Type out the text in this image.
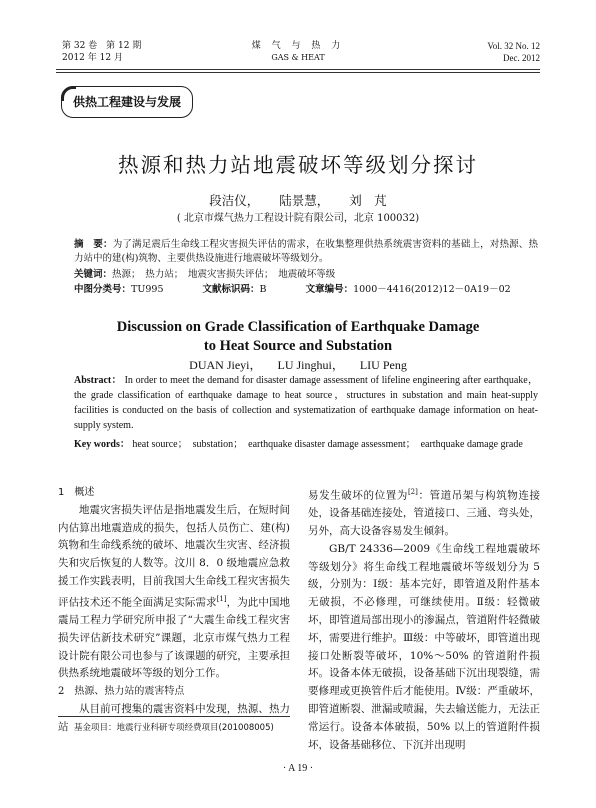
第 32 卷　第 12 期
2012 年 12 月
煤 气 与 热 力
GAS & HEAT
Vol. 32 No. 12
Dec. 2012
供热工程建设与发展
热源和热力站地震破坏等级划分探讨
段洁仪， 陆景慧， 刘　芃
( 北京市煤气热力工程设计院有限公司，北京 100032)
摘　要：为了满足震后生命线工程灾害损失评估的需求，在收集整理供热系统震害资料的基础上，对热源、热力站中的建(构)筑物、主要供热设施进行地震破坏等级划分。
关键词：热源；　热力站；　地震灾害损失评估；　地震破坏等级
中图分类号：TU995	文献标识码：B	文章编号：1000－4416(2012)12－0A19－02
Discussion on Grade Classification of Earthquake Damage
to Heat Source and Substation
DUAN Jieyi， LU Jinghui， LIU Peng
Abstract： In order to meet the demand for disaster damage assessment of lifeline engineering after earthquake，the grade classification of earthquake damage to heat source，structures in substation and main heat-supply facilities is conducted on the basis of collection and systematization of earthquake damage information on heat-supply system.
Key words： heat source；　substation；　earthquake disaster damage assessment；　earthquake damage grade

1　概述

地震灾害损失评估是指地震发生后，在短时间内估算出地震造成的损失，包括人员伤亡、建(构)筑物和生命线系统的破坏、地震次生灾害、经济损失和灾后恢复的人数等。汶川 8．0 级地震应急救援工作实践表明，目前我国大生命线工程灾害损失评估技术还不能全面满足实际需求[1]，为此中国地震局工程力学研究所申报了“大震生命线工程灾害损失评估新技术研究”课题，北京市煤气热力工程设计院有限公司也参与了该课题的研究，主要承担供热系统地震破坏等级的划分工作。

2　热源、热力站的震害特点

从目前可搜集的震害资料中发现，热源、热力站

易发生破坏的位置为[2]：管道吊架与构筑物连接处，设备基础连接处，管道接口、三通、弯头处，另外，高大设备容易发生倾斜。

GB/T 24336—2009《生命线工程地震破坏等级划分》将生命线工程地震破坏等级划分为 5 级，分别为：Ⅰ级：基本完好，即管道及附件基本无破损，不必修理，可继续使用。Ⅱ级：轻微破坏，即管道局部出现小的渗漏点，管道附件轻微破坏，需要进行维护。Ⅲ级：中等破坏，即管道出现接口处断裂等破坏，10%～50% 的管道附件损坏。设备本体无破损，设备基础下沉出现裂缝，需要修理或更换管件后才能使用。Ⅳ级：严重破坏，即管道断裂、泄漏或喷漏，失去输送能力，无法正常运行。设备本体破损，50% 以上的管道附件损坏，设备基础移位、下沉并出现明

基金项目：地震行业科研专项经费项目(201008005)
· A 19 ·
